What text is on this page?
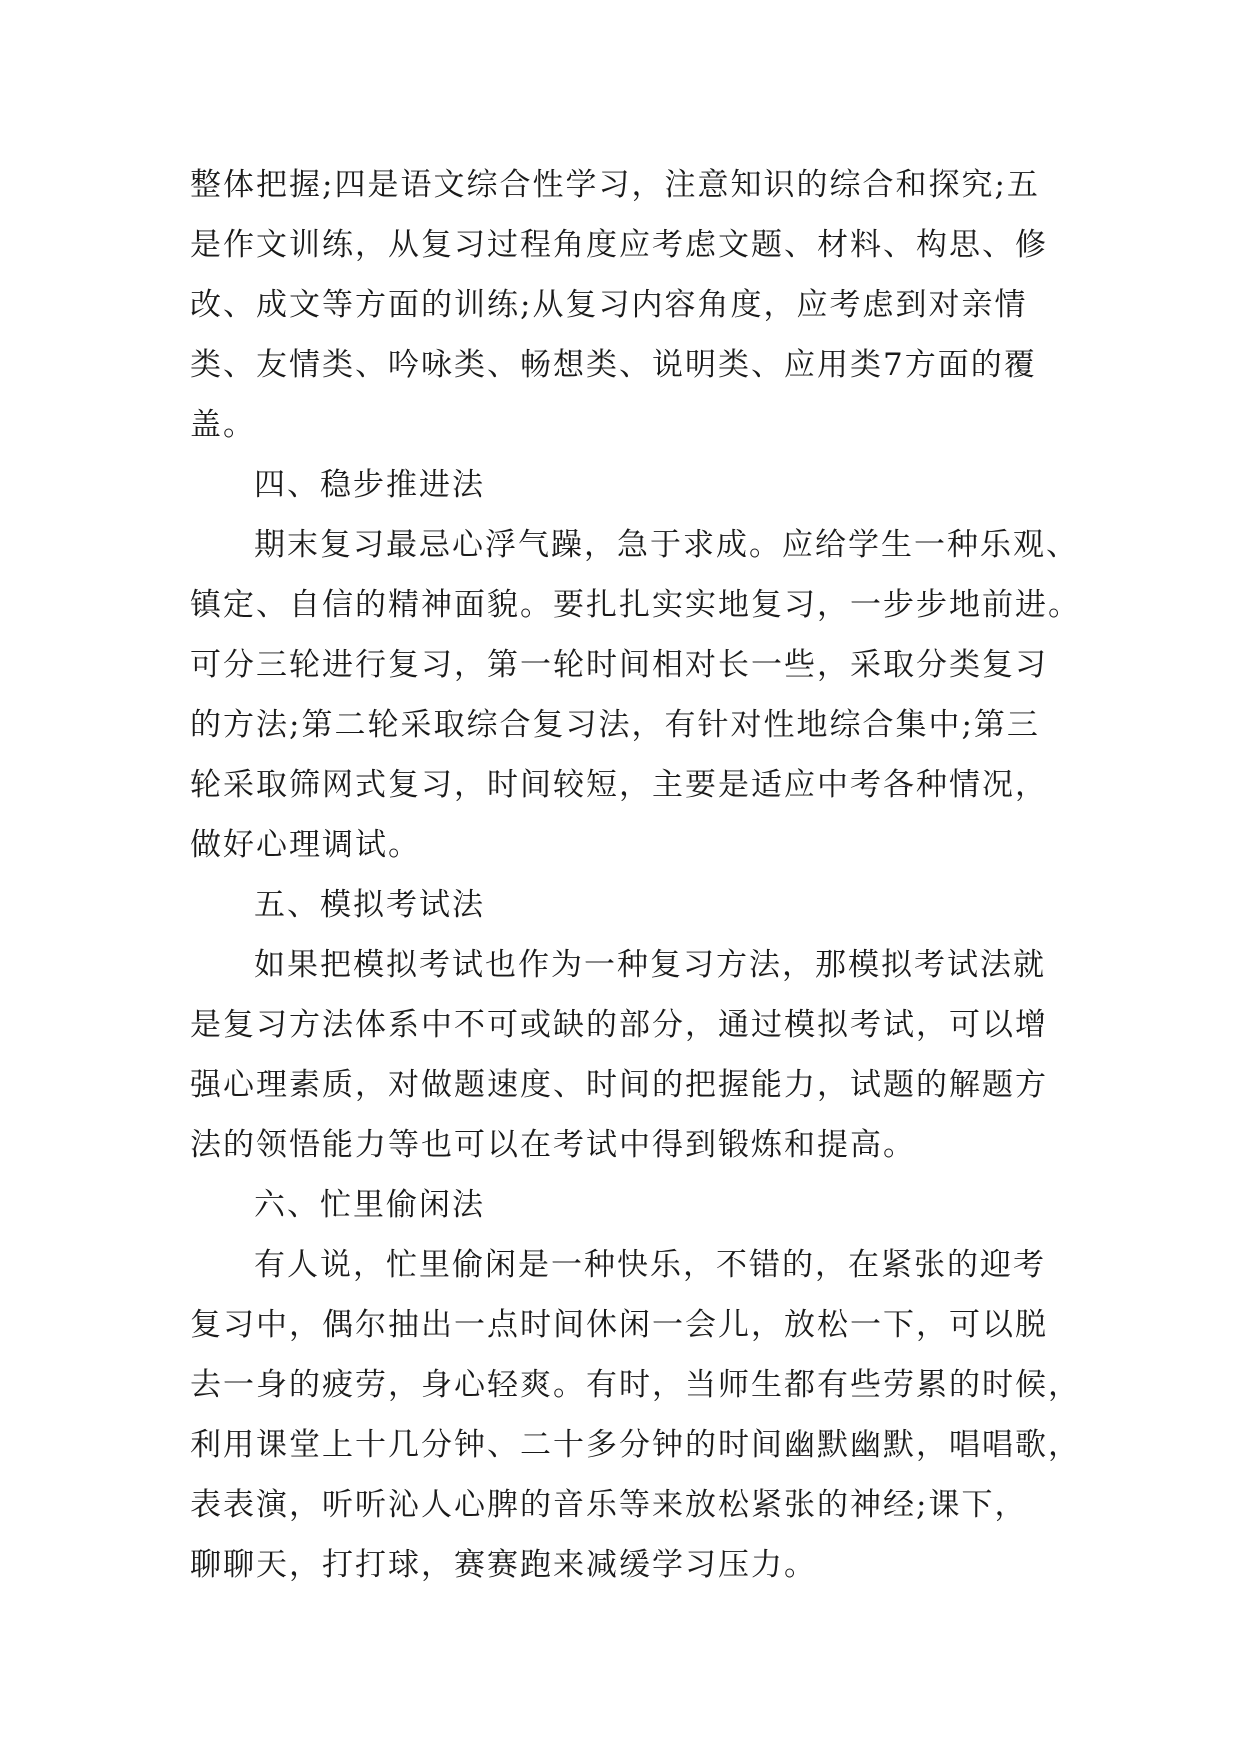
整体把握;四是语文综合性学习，注意知识的综合和探究;五
是作文训练，从复习过程角度应考虑文题、材料、构思、修
改、成文等方面的训练;从复习内容角度，应考虑到对亲情
类、友情类、吟咏类、畅想类、说明类、应用类7方面的覆
盖。
四、稳步推进法
期末复习最忌心浮气躁，急于求成。应给学生一种乐观、
镇定、自信的精神面貌。要扎扎实实地复习，一步步地前进。
可分三轮进行复习，第一轮时间相对长一些，采取分类复习
的方法;第二轮采取综合复习法，有针对性地综合集中;第三
轮采取筛网式复习，时间较短，主要是适应中考各种情况，
做好心理调试。
五、模拟考试法
如果把模拟考试也作为一种复习方法，那模拟考试法就
是复习方法体系中不可或缺的部分，通过模拟考试，可以增
强心理素质，对做题速度、时间的把握能力，试题的解题方
法的领悟能力等也可以在考试中得到锻炼和提高。
六、忙里偷闲法
有人说，忙里偷闲是一种快乐，不错的，在紧张的迎考
复习中，偶尔抽出一点时间休闲一会儿，放松一下，可以脱
去一身的疲劳，身心轻爽。有时，当师生都有些劳累的时候，
利用课堂上十几分钟、二十多分钟的时间幽默幽默，唱唱歌，
表表演，听听沁人心脾的音乐等来放松紧张的神经;课下，
聊聊天，打打球，赛赛跑来减缓学习压力。
